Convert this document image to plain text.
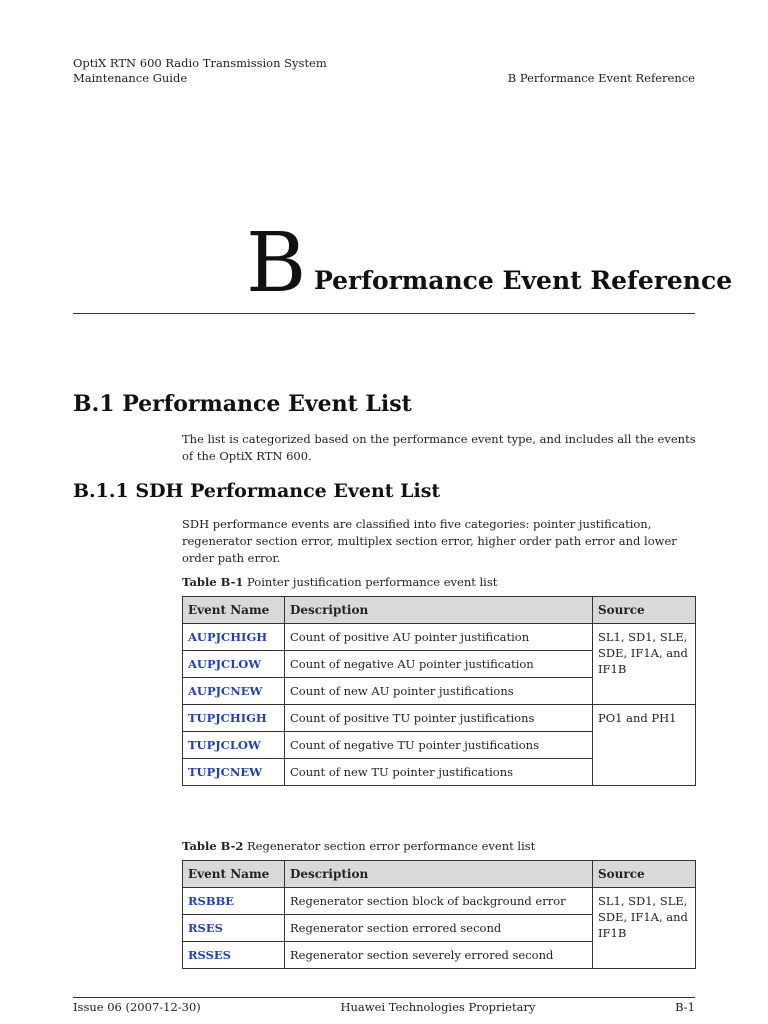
OptiX RTN 600 Radio Transmission System
Maintenance Guide	B Performance Event Reference
B Performance Event Reference
B.1 Performance Event List
The list is categorized based on the performance event type, and includes all the events of the OptiX RTN 600.
B.1.1 SDH Performance Event List
SDH performance events are classified into five categories: pointer justification, regenerator section error, multiplex section error, higher order path error and lower order path error.
Table B-1 Pointer justification performance event list
Event Name	Description	Source
AUPJCHIGH	Count of positive AU pointer justification	SL1, SD1, SLE, SDE, IF1A, and IF1B
AUPJCLOW	Count of negative AU pointer justification	
AUPJCNEW	Count of new AU pointer justifications	
TUPJCHIGH	Count of positive TU pointer justifications	PO1 and PH1
TUPJCLOW	Count of negative TU pointer justifications	
TUPJCNEW	Count of new TU pointer justifications	
Table B-2 Regenerator section error performance event list
Event Name	Description	Source
RSBBE	Regenerator section block of background error	SL1, SD1, SLE, SDE, IF1A, and IF1B
RSES	Regenerator section errored second	
RSSES	Regenerator section severely errored second	
Issue 06 (2007-12-30)	Huawei Technologies Proprietary	B-1
